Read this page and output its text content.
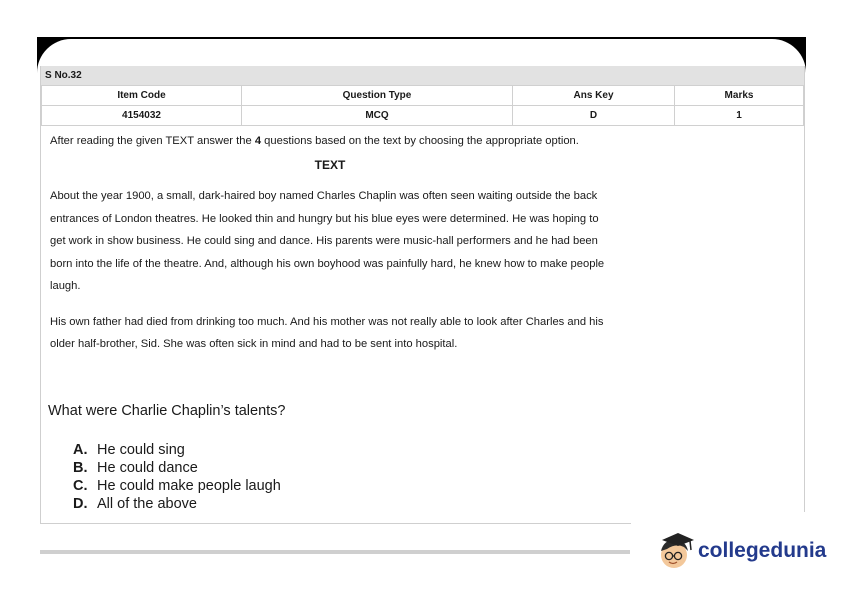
S No.32
Item Code	Question Type	Ans Key	Marks
4154032	MCQ	D	1

After reading the given TEXT answer the 4 questions based on the text by choosing the appropriate option.

TEXT

About the year 1900, a small, dark-haired boy named Charles Chaplin was often seen waiting outside the back entrances of London theatres. He looked thin and hungry but his blue eyes were determined. He was hoping to get work in show business. He could sing and dance. His parents were music-hall performers and he had been born into the life of the theatre. And, although his own boyhood was painfully hard, he knew how to make people laugh.

His own father had died from drinking too much. And his mother was not really able to look after Charles and his older half-brother, Sid. She was often sick in mind and had to be sent into hospital.

What were Charlie Chaplin’s talents?
A. He could sing
B. He could dance
C. He could make people laugh
D. All of the above
collegedunia
